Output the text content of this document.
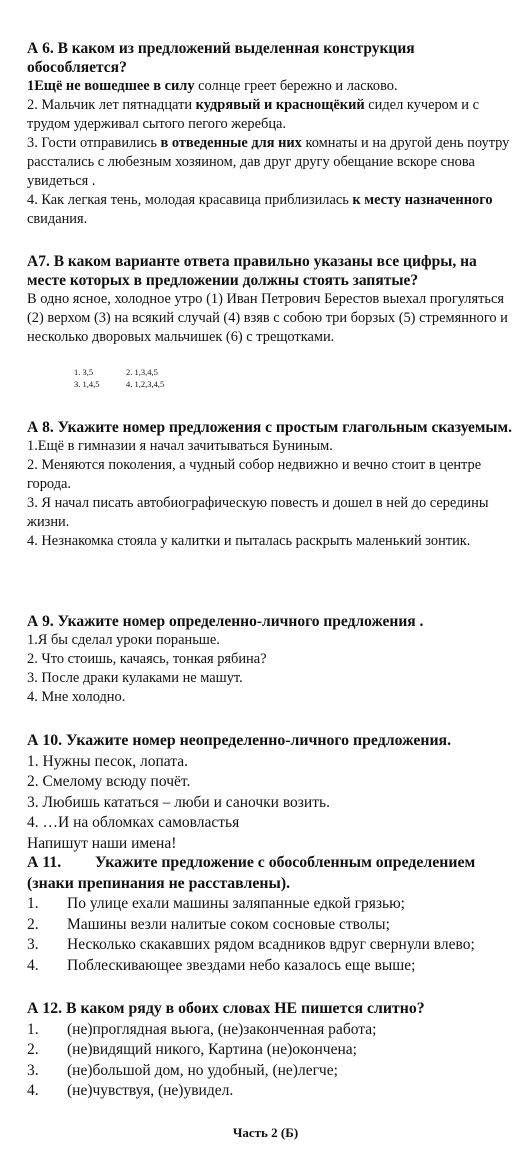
А 6. В каком из предложений выделенная конструкция обособляется?

1Ещё не вошедшее в силу солнце греет бережно и ласково.

2. Мальчик лет пятнадцати кудрявый и краснощёкий сидел кучером и с трудом удерживал сытого пегого жеребца.

3. Гости отправились в отведенные для них комнаты и на другой день поутру расстались с любезным хозяином, дав друг другу обещание вскоре снова увидеться .

4. Как легкая тень, молодая красавица приблизилась к месту назначенного свидания.

А7. В каком варианте ответа правильно указаны все цифры, на месте которых в предложении должны стоять запятые?

В одно ясное, холодное утро (1) Иван Петрович Берестов выехал прогуляться (2) верхом (3) на всякий случай (4) взяв с собою три борзых (5) стремянного и несколько дворовых мальчишек (6) с трещотками.

1. 3,5	2. 1,3,4,5
3. 1,4,5	4. 1,2,3,4,5

А 8. Укажите номер предложения с простым глагольным сказуемым.

1.Ещё в гимназии я начал зачитываться Буниным.

2. Меняются поколения, а чудный собор недвижно и вечно стоит в центре города.

3. Я начал писать автобиографическую повесть и дошел в ней до середины жизни.

4. Незнакомка стояла у калитки и пыталась раскрыть маленький зонтик.

А 9. Укажите номер определенно-личного предложения .

1.Я бы сделал уроки пораньше.

2. Что стоишь, качаясь, тонкая рябина?

3. После драки кулаками не машут.

4. Мне холодно.

А 10. Укажите номер неопределенно-личного предложения.

1. Нужны песок, лопата.

2. Смелому всюду почёт.

3. Любишь кататься – люби и саночки возить.

4. …И на обломках самовластья

Напишут наши имена!

А 11. Укажите предложение с обособленным определением (знаки препинания не расставлены).

1. По улице ехали машины заляпанные едкой грязью;

2. Машины везли налитые соком сосновые стволы;

3. Несколько скакавших рядом всадников вдруг свернули влево;

4. Поблескивающее звездами небо казалось еще выше;

А 12. В каком ряду в обоих словах НЕ пишется слитно?

1. (не)проглядная вьюга, (не)законченная работа;

2. (не)видящий никого, Картина (не)окончена;

3. (не)большой дом, но удобный, (не)легче;

4. (не)чувствуя, (не)увидел.

Часть 2 (Б)
